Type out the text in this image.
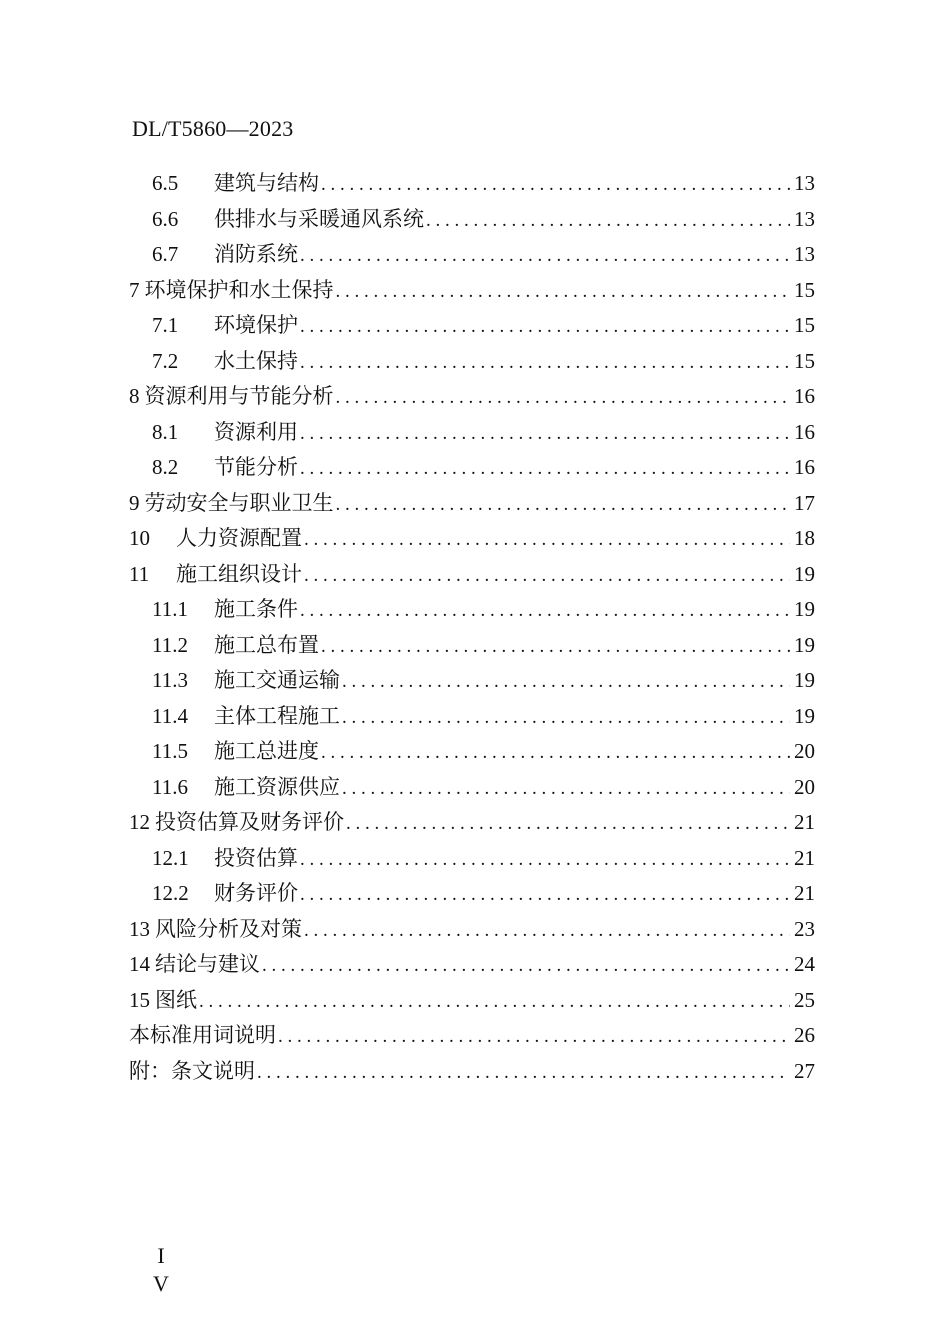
DL/T5860—2023
6.5	建筑与结构 . . .	13
6.6	供排水与采暖通风系统 . . .	13
6.7	消防系统 . . .	13
7 环境保护和水土保持 . . .	15
7.1	环境保护 . . .	15
7.2	水土保持 . . .	15
8 资源利用与节能分析 . . .	16
8.1	资源利用 . . .	16
8.2	节能分析 . . .	16
9 劳动安全与职业卫生 . . .	17
10	人力资源配置 . . .	18
11	施工组织设计 . . .	19
11.1	施工条件 . . .	19
11.2	施工总布置 . . .	19
11.3	施工交通运输 . . .	19
11.4	主体工程施工 . . .	19
11.5	施工总进度 . . .	20
11.6	施工资源供应 . . .	20
12 投资估算及财务评价 . . .	21
12.1	投资估算 . . .	21
12.2	财务评价 . . .	21
13 风险分析及对策 . . .	23
14 结论与建议 . . .	24
15 图纸 . . .	25
本标准用词说明 . . .	26
附：条文说明 . . .	27
I
V
